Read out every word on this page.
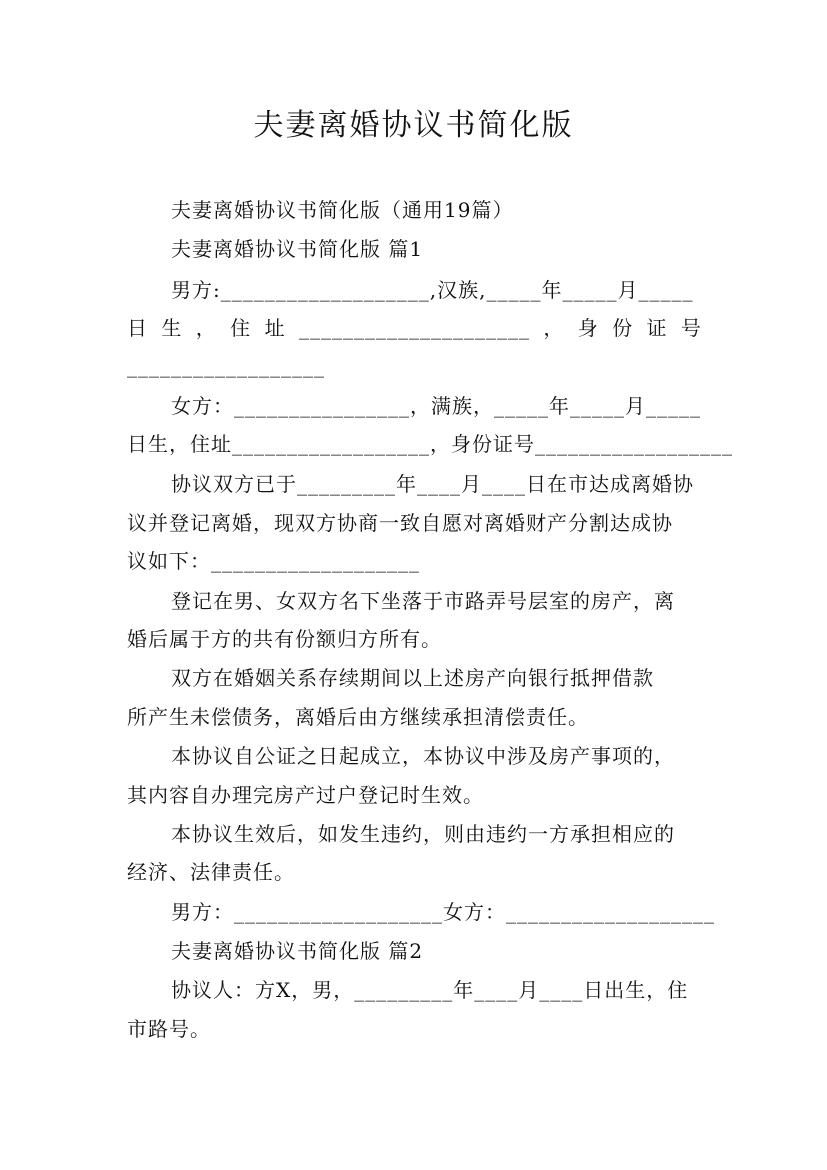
夫妻离婚协议书简化版
夫妻离婚协议书简化版（通用19篇）
夫妻离婚协议书简化版 篇1
男方:___________________,汉族,_____年_____月_____
日 生 ， 住 址 _____________________ ， 身 份 证 号
__________________
女方：________________，满族，_____年_____月_____
日生，住址__________________，身份证号__________________
协议双方已于_________年____月____日在市达成离婚协
议并登记离婚，现双方协商一致自愿对离婚财产分割达成协
议如下：___________________
登记在男、女双方名下坐落于市路弄号层室的房产，离
婚后属于方的共有份额归方所有。
双方在婚姻关系存续期间以上述房产向银行抵押借款
所产生未偿债务，离婚后由方继续承担清偿责任。
本协议自公证之日起成立，本协议中涉及房产事项的，
其内容自办理完房产过户登记时生效。
本协议生效后，如发生违约，则由违约一方承担相应的
经济、法律责任。
男方：___________________女方：___________________
夫妻离婚协议书简化版 篇2
协议人：方X，男，_________年____月____日出生，住
市路号。
